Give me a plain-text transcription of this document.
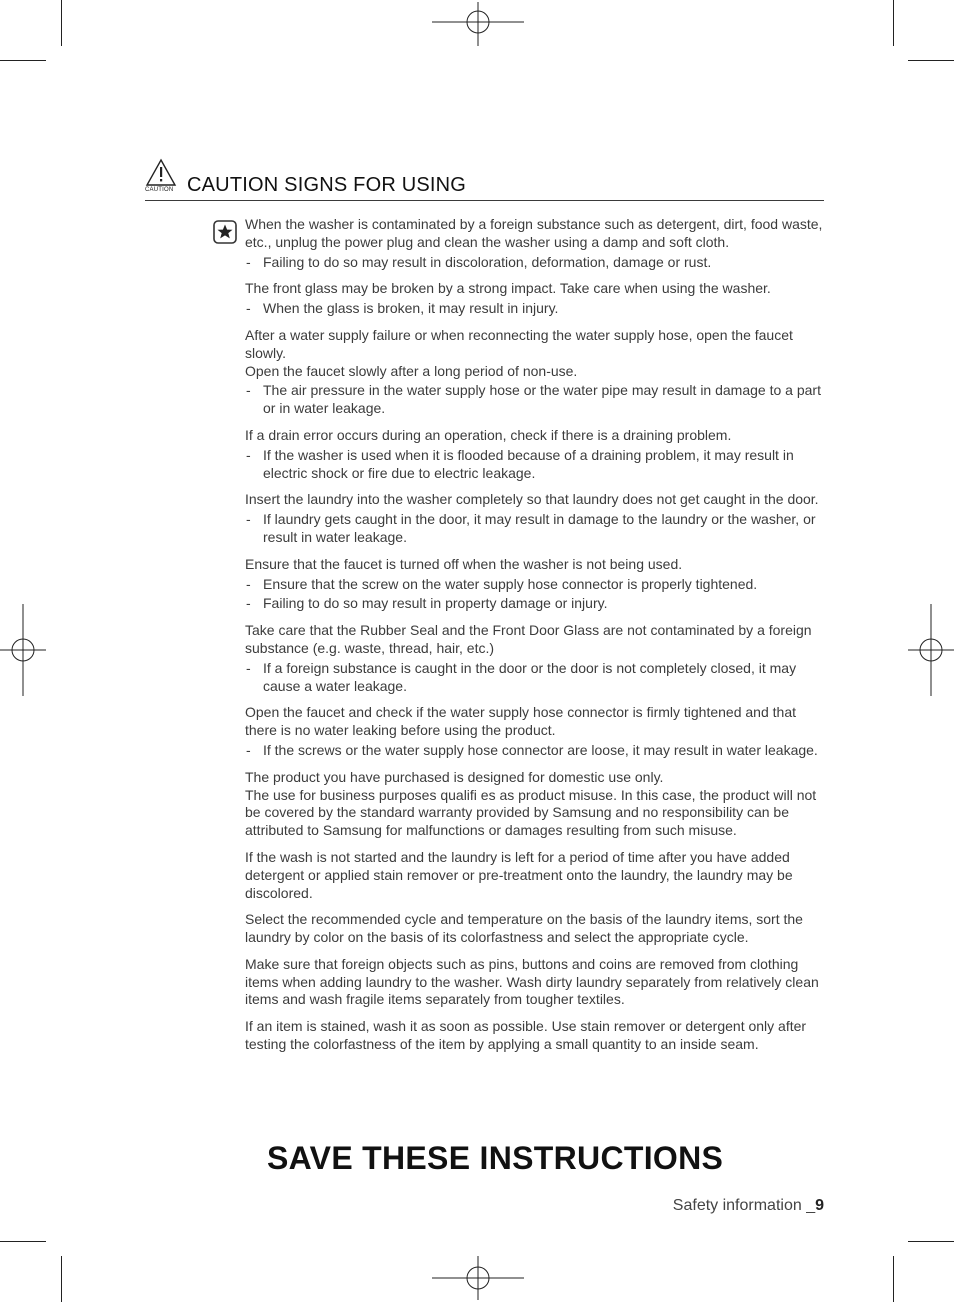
CAUTION CAUTION SIGNS FOR USING

When the washer is contaminated by a foreign substance such as detergent, dirt, food waste, etc., unplug the power plug and clean the washer using a damp and soft cloth.

- Failing to do so may result in discoloration, deformation, damage or rust.

The front glass may be broken by a strong impact. Take care when using the washer.

- When the glass is broken, it may result in injury.

After a water supply failure or when reconnecting the water supply hose, open the faucet slowly.

Open the faucet slowly after a long period of non-use.

- The air pressure in the water supply hose or the water pipe may result in damage to a part or in water leakage.

If a drain error occurs during an operation, check if there is a draining problem.

- If the washer is used when it is flooded because of a draining problem, it may result in electric shock or fire due to electric leakage.

Insert the laundry into the washer completely so that laundry does not get caught in the door.

- If laundry gets caught in the door, it may result in damage to the laundry or the washer, or result in water leakage.

Ensure that the faucet is turned off when the washer is not being used.

- Ensure that the screw on the water supply hose connector is properly tightened.
- Failing to do so may result in property damage or injury.

Take care that the Rubber Seal and the Front Door Glass are not contaminated by a foreign substance (e.g. waste, thread, hair, etc.)

- If a foreign substance is caught in the door or the door is not completely closed, it may cause a water leakage.

Open the faucet and check if the water supply hose connector is firmly tightened and that there is no water leaking before using the product.

- If the screws or the water supply hose connector are loose, it may result in water leakage.

The product you have purchased is designed for domestic use only.

The use for business purposes qualifi es as product misuse. In this case, the product will not be covered by the standard warranty provided by Samsung and no responsibility can be attributed to Samsung for malfunctions or damages resulting from such misuse.

If the wash is not started and the laundry is left for a period of time after you have added detergent or applied stain remover or pre-treatment onto the laundry, the laundry may be discolored.

Select the recommended cycle and temperature on the basis of the laundry items, sort the laundry by color on the basis of its colorfastness and select the appropriate cycle.

Make sure that foreign objects such as pins, buttons and coins are removed from clothing items when adding laundry to the washer. Wash dirty laundry separately from relatively clean items and wash fragile items separately from tougher textiles.

If an item is stained, wash it as soon as possible. Use stain remover or detergent only after testing the colorfastness of the item by applying a small quantity to an inside seam.

SAVE THESE INSTRUCTIONS
Safety information _9
